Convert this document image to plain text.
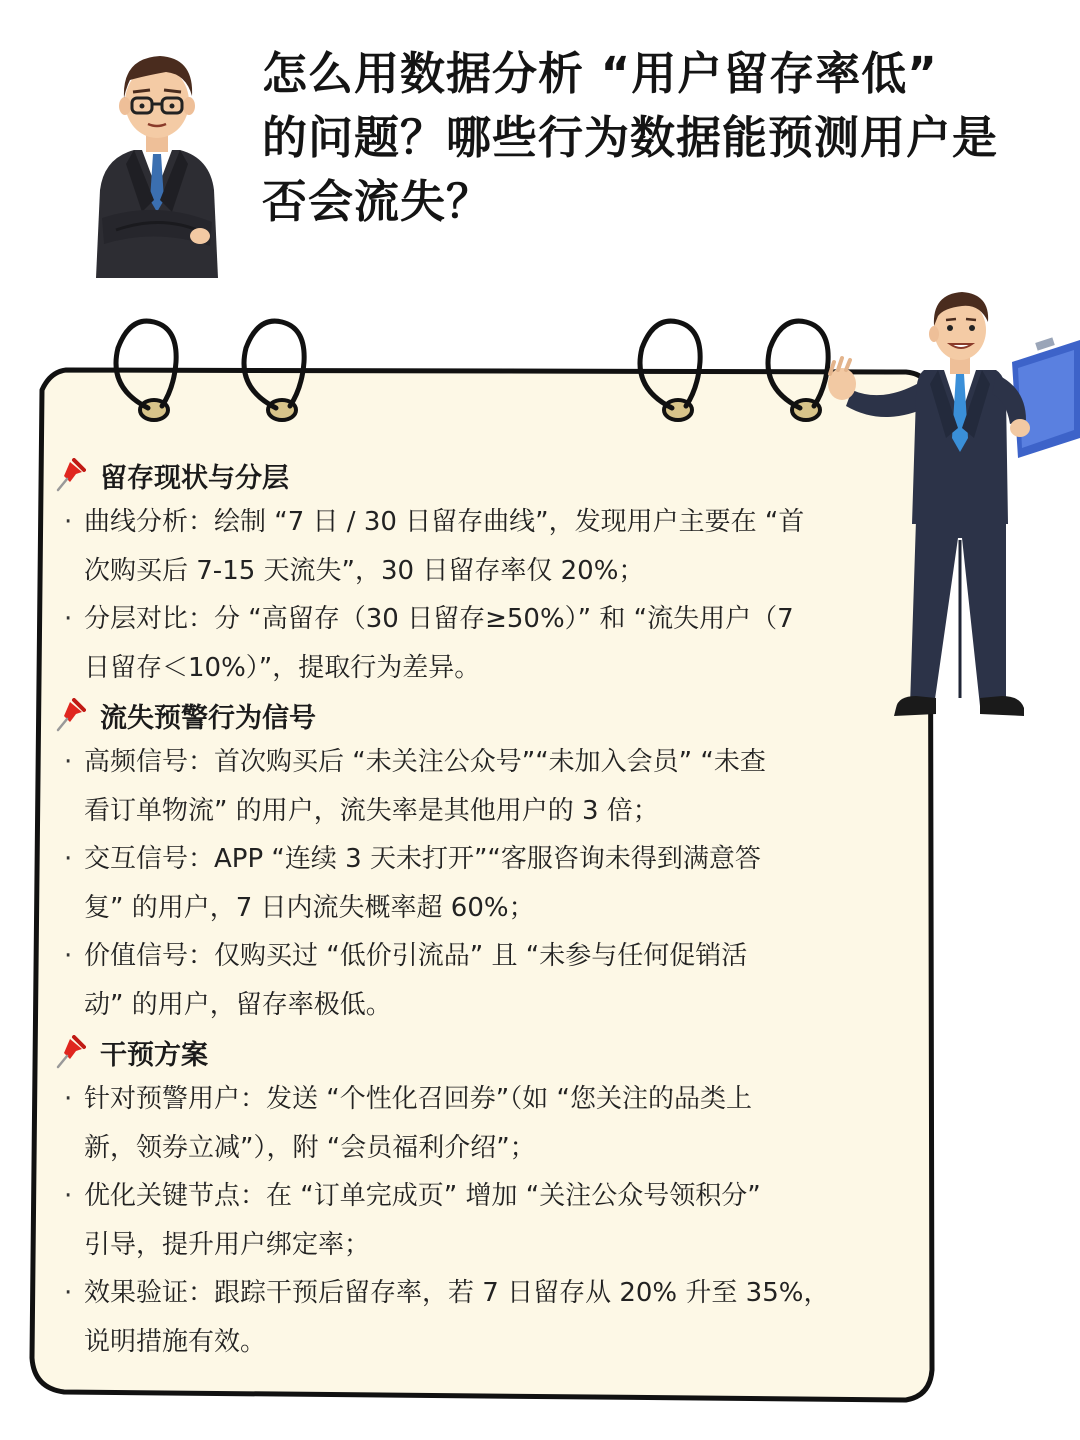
怎么用数据分析 “用户留存率低”
的问题？哪些行为数据能预测用户是
否会流失？
留存现状与分层
· 曲线分析：绘制 “7 日 / 30 日留存曲线”，发现用户主要在 “首
次购买后 7-15 天流失”，30 日留存率仅 20%；
· 分层对比：分 “高留存（30 日留存≥50%）” 和 “流失用户（7
日留存＜10%）”，提取行为差异。
流失预警行为信号
· 高频信号：首次购买后 “未关注公众号”“未加入会员” “未查
看订单物流” 的用户，流失率是其他用户的 3 倍；
· 交互信号：APP “连续 3 天未打开”“客服咨询未得到满意答
复” 的用户，7 日内流失概率超 60%；
· 价值信号：仅购买过 “低价引流品” 且 “未参与任何促销活
动” 的用户，留存率极低。
干预方案
· 针对预警用户：发送 “个性化召回券”（如 “您关注的品类上
新，领券立减”），附 “会员福利介绍”；
· 优化关键节点：在 “订单完成页” 增加 “关注公众号领积分”
引导，提升用户绑定率；
· 效果验证：跟踪干预后留存率，若 7 日留存从 20% 升至 35%，
说明措施有效。
